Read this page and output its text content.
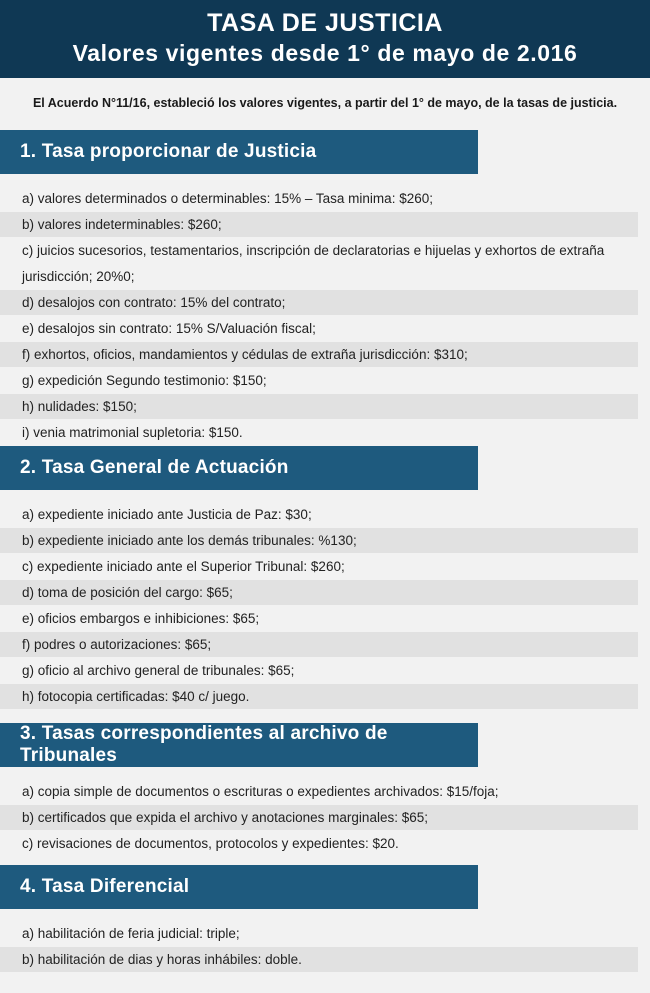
TASA DE JUSTICIA
Valores vigentes desde 1° de mayo de 2.016
El Acuerdo N°11/16, estableció los valores vigentes, a partir del 1° de mayo, de la tasas de justicia.
1. Tasa proporcionar de Justicia
a) valores determinados o determinables: 15% – Tasa minima: $260;
b) valores indeterminables: $260;
c) juicios sucesorios, testamentarios, inscripción de declaratorias e hijuelas y exhortos de extraña jurisdicción; 20%0;
d) desalojos con contrato: 15% del contrato;
e) desalojos sin contrato: 15% S/Valuación fiscal;
f) exhortos, oficios, mandamientos y cédulas de extraña jurisdicción: $310;
g) expedición Segundo testimonio: $150;
h) nulidades: $150;
i) venia matrimonial supletoria: $150.
2. Tasa General de Actuación
a) expediente iniciado ante Justicia de Paz: $30;
b) expediente iniciado ante los demás tribunales: %130;
c) expediente iniciado ante el Superior Tribunal: $260;
d) toma de posición del cargo: $65;
e) oficios embargos e inhibiciones: $65;
f) podres o autorizaciones: $65;
g) oficio al archivo general de tribunales: $65;
h) fotocopia certificadas: $40 c/ juego.
3. Tasas correspondientes al archivo de Tribunales
a) copia simple de documentos o escrituras o expedientes archivados: $15/foja;
b) certificados que expida el archivo y anotaciones marginales: $65;
c) revisaciones de documentos, protocolos y expedientes: $20.
4. Tasa Diferencial
a) habilitación de feria judicial: triple;
b) habilitación de dias y horas inhábiles: doble.
